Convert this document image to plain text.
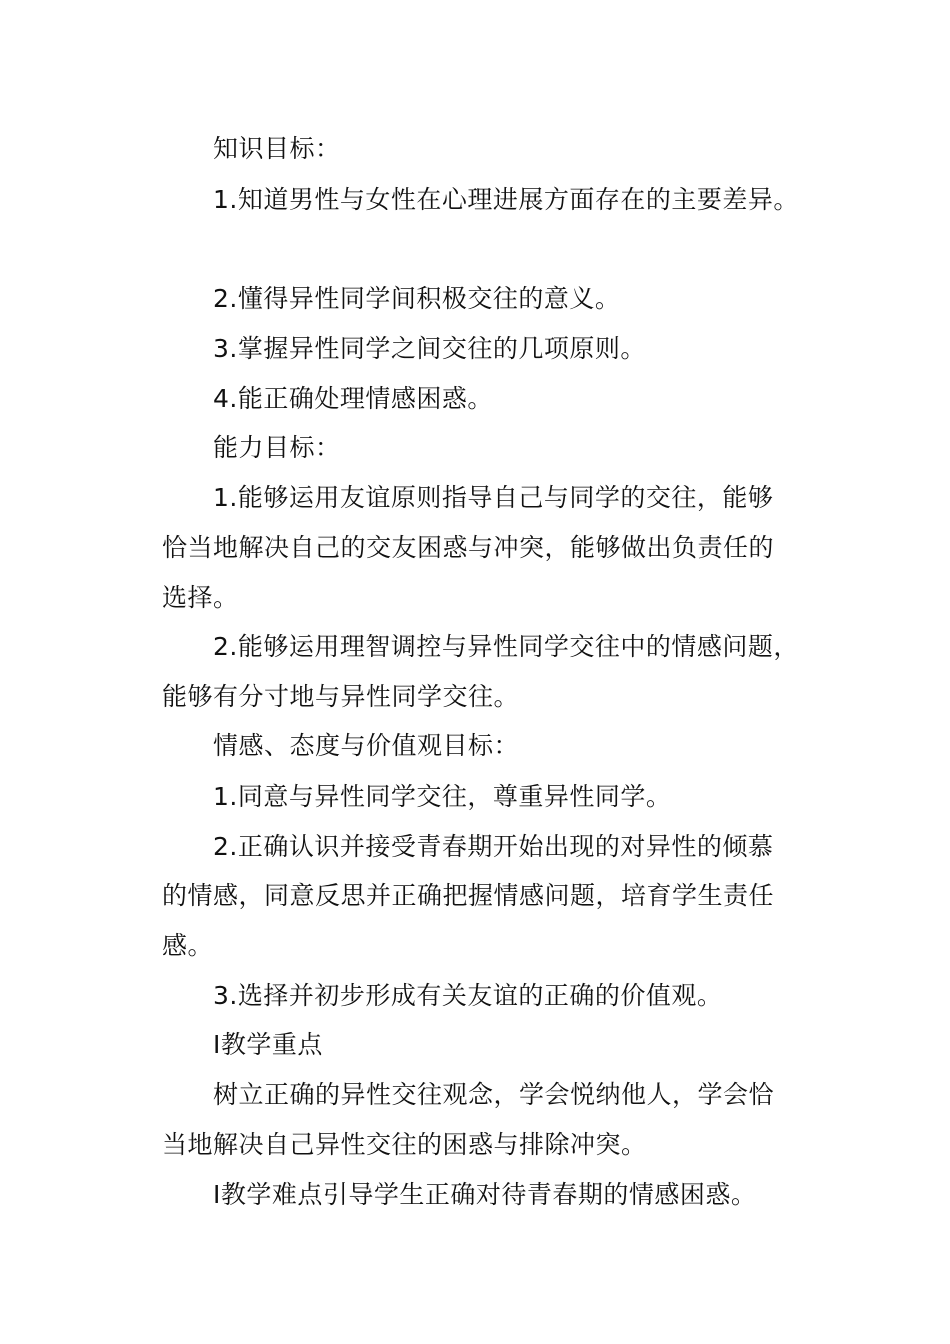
知识目标：
1.知道男性与女性在心理进展方面存在的主要差异。
2.懂得异性同学间积极交往的意义。
3.掌握异性同学之间交往的几项原则。
4.能正确处理情感困惑。
能力目标：
1.能够运用友谊原则指导自己与同学的交往，能够
恰当地解决自己的交友困惑与冲突，能够做出负责任的
选择。
2.能够运用理智调控与异性同学交往中的情感问题，
能够有分寸地与异性同学交往。
情感、态度与价值观目标：
1.同意与异性同学交往，尊重异性同学。
2.正确认识并接受青春期开始出现的对异性的倾慕
的情感，同意反思并正确把握情感问题，培育学生责任
感。
3.选择并初步形成有关友谊的正确的价值观。
I教学重点
树立正确的异性交往观念，学会悦纳他人，学会恰
当地解决自己异性交往的困惑与排除冲突。
I教学难点引导学生正确对待青春期的情感困惑。
